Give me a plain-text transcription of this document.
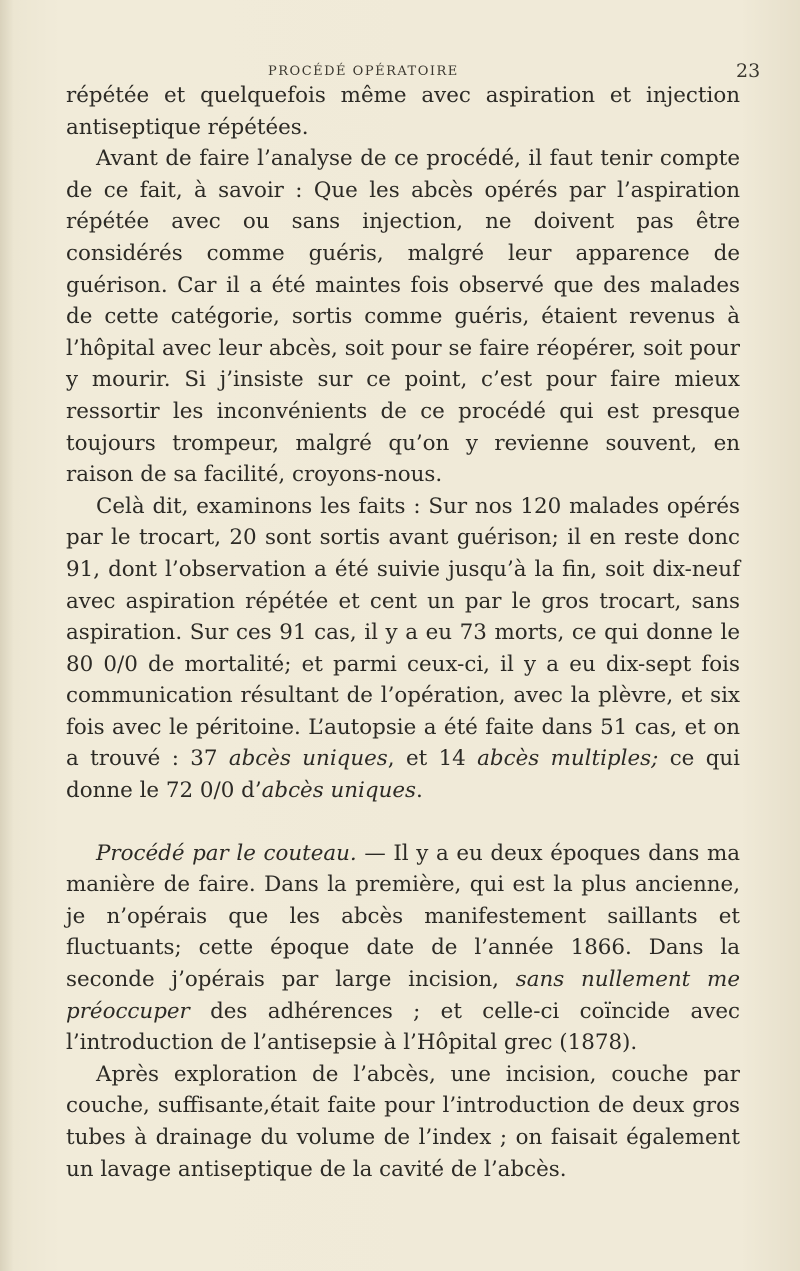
PROCÉDÉ OPÉRATOIRE	23

répétée et quelquefois même avec aspiration et injection antiseptique répétées.

Avant de faire l’analyse de ce procédé, il faut tenir compte de ce fait, à savoir : Que les abcès opérés par l’aspiration répétée avec ou sans injection, ne doivent pas être considérés comme guéris, malgré leur apparence de guérison. Car il a été maintes fois observé que des malades de cette catégorie, sortis comme guéris, étaient revenus à l’hôpital avec leur abcès, soit pour se faire réopérer, soit pour y mourir. Si j’insiste sur ce point, c’est pour faire mieux ressortir les inconvénients de ce procédé qui est presque toujours trompeur, malgré qu’on y revienne souvent, en raison de sa facilité, croyons-nous.

Celà dit, examinons les faits : Sur nos 120 malades opérés par le trocart, 20 sont sortis avant guérison; il en reste donc 91, dont l’observation a été suivie jusqu’à la fin, soit dix-neuf avec aspiration répétée et cent un par le gros trocart, sans aspiration. Sur ces 91 cas, il y a eu 73 morts, ce qui donne le 80 0/0 de mortalité; et parmi ceux-ci, il y a eu dix-sept fois communication résultant de l’opération, avec la plèvre, et six fois avec le péritoine. L’autopsie a été faite dans 51 cas, et on a trouvé : 37 abcès uniques, et 14 abcès multiples; ce qui donne le 72 0/0 d’abcès uniques.

Procédé par le couteau. — Il y a eu deux époques dans ma manière de faire. Dans la première, qui est la plus ancienne, je n’opérais que les abcès manifestement saillants et fluctuants; cette époque date de l’année 1866. Dans la seconde j’opérais par large incision, sans nullement me préoccuper des adhérences ; et celle-ci coïncide avec l’introduction de l’antisepsie à l’Hôpital grec (1878).

Après exploration de l’abcès, une incision, couche par couche, suffisante,était faite pour l’introduction de deux gros tubes à drainage du volume de l’index ; on faisait également un lavage antiseptique de la cavité de l’abcès.
